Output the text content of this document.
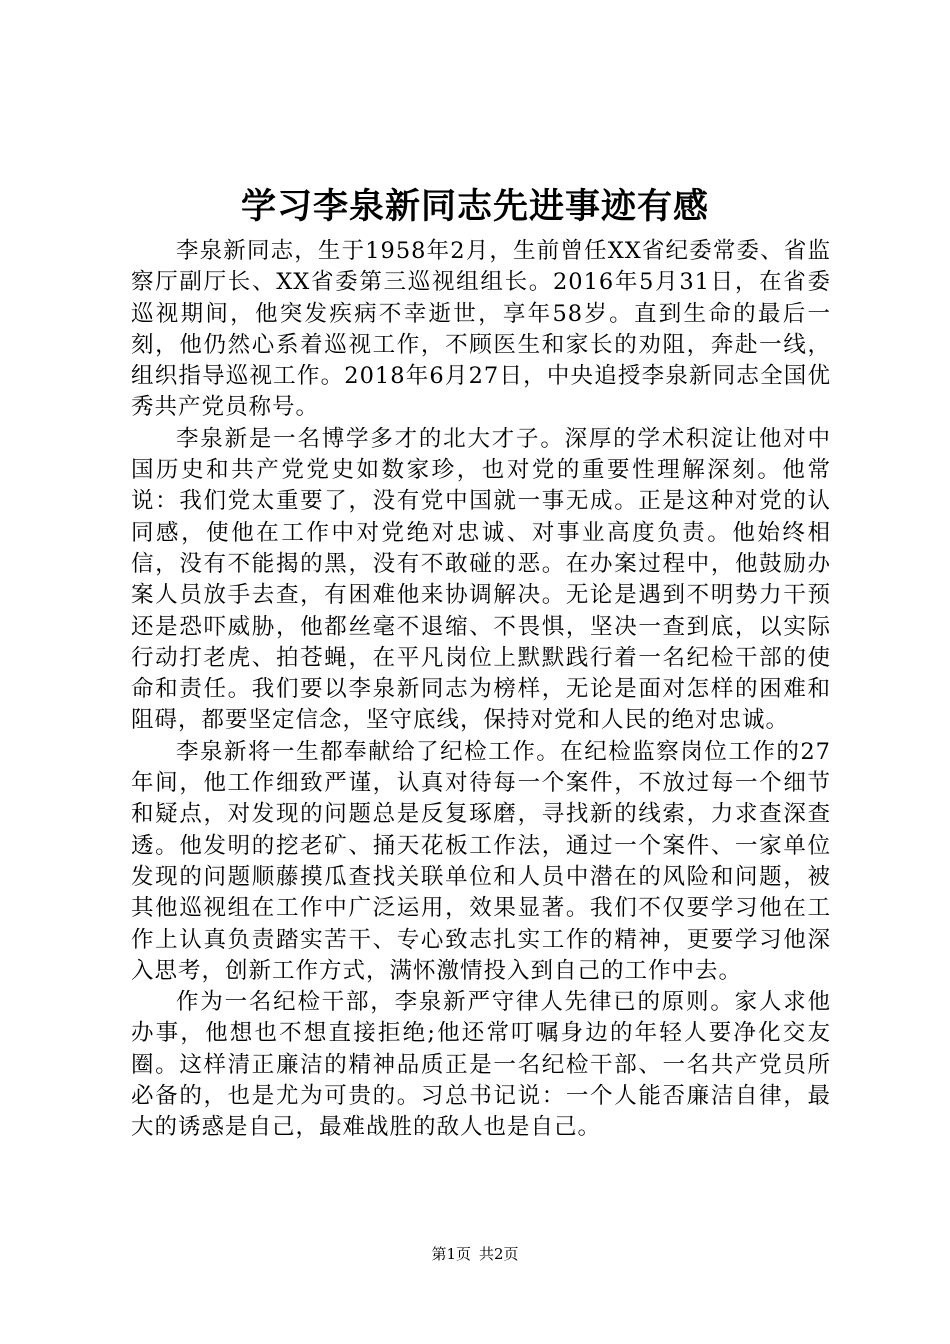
学习李泉新同志先进事迹有感

李泉新同志，生于1958年2月，生前曾任XX省纪委常委、省监察厅副厅长、XX省委第三巡视组组长。2016年5月31日，在省委巡视期间，他突发疾病不幸逝世，享年58岁。直到生命的最后一刻，他仍然心系着巡视工作，不顾医生和家长的劝阻，奔赴一线，组织指导巡视工作。2018年6月27日，中央追授李泉新同志全国优秀共产党员称号。

李泉新是一名博学多才的北大才子。深厚的学术积淀让他对中国历史和共产党党史如数家珍，也对党的重要性理解深刻。他常说：我们党太重要了，没有党中国就一事无成。正是这种对党的认同感，使他在工作中对党绝对忠诚、对事业高度负责。他始终相信，没有不能揭的黑，没有不敢碰的恶。在办案过程中，他鼓励办案人员放手去查，有困难他来协调解决。无论是遇到不明势力干预还是恐吓威胁，他都丝毫不退缩、不畏惧，坚决一查到底，以实际行动打老虎、拍苍蝇，在平凡岗位上默默践行着一名纪检干部的使命和责任。我们要以李泉新同志为榜样，无论是面对怎样的困难和阻碍，都要坚定信念，坚守底线，保持对党和人民的绝对忠诚。

李泉新将一生都奉献给了纪检工作。在纪检监察岗位工作的27年间，他工作细致严谨，认真对待每一个案件，不放过每一个细节和疑点，对发现的问题总是反复琢磨，寻找新的线索，力求查深查透。他发明的挖老矿、捅天花板工作法，通过一个案件、一家单位发现的问题顺藤摸瓜查找关联单位和人员中潜在的风险和问题，被其他巡视组在工作中广泛运用，效果显著。我们不仅要学习他在工作上认真负责踏实苦干、专心致志扎实工作的精神，更要学习他深入思考，创新工作方式，满怀激情投入到自己的工作中去。

作为一名纪检干部，李泉新严守律人先律已的原则。家人求他办事，他想也不想直接拒绝;他还常叮嘱身边的年轻人要净化交友圈。这样清正廉洁的精神品质正是一名纪检干部、一名共产党员所必备的，也是尤为可贵的。习总书记说：一个人能否廉洁自律，最大的诱惑是自己，最难战胜的敌人也是自己。

第1页 共2页
